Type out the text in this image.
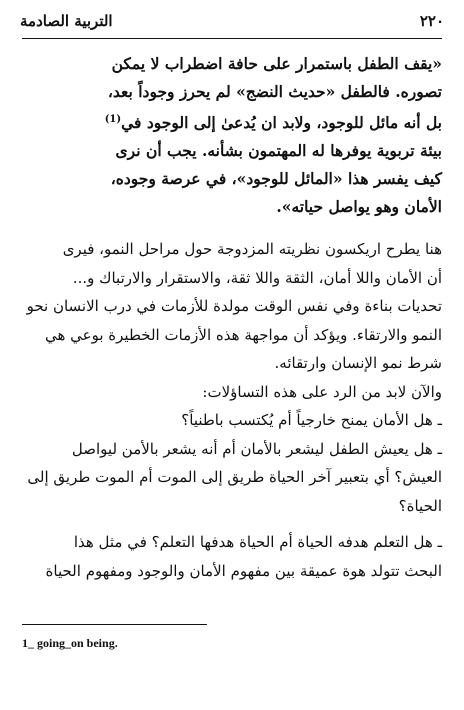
٢٢٠
التربية الصادمة

«يقف الطفل باستمرار على حافة اضطراب لا يمكن
تصوره. فالطفل «حديث النضج» لم يحرز وجوداً بعد،
بل أنه مائل للوجود، ولابد ان يُدعىٰ إلى الوجود في$^{(1)}$
بيئة تربوية يوفرها له المهتمون بشأنه. يجب أن نرى
كيف يفسر هذا «المائل للوجود»، في عرصة وجوده،
الأمان وهو يواصل حياته».

هنا يطرح اريكسون نظريته المزدوجة حول مراحل النمو، فيرى
أن الأمان واللا أمان، الثقة واللا ثقة، والاستقرار والارتباك و...
تحديات بناءة وفي نفس الوقت مولدة للأزمات في درب الانسان نحو
النمو والارتقاء. ويؤكد أن مواجهة هذه الأزمات الخطيرة بوعي هي
شرط نمو الإنسان وارتقائه.

والآن لابد من الرد على هذه التساؤلات:

ـ هل الأمان يمنح خارجياً أم يُكتسب باطنياً؟

ـ هل يعيش الطفل ليشعر بالأمان أم أنه يشعر بالأمن ليواصل
العيش؟ أي بتعبير آخر الحياة طريق إلى الموت أم الموت طريق إلى
الحياة؟

ـ هل التعلم هدفه الحياة أم الحياة هدفها التعلم؟ في مثل هذا
البحث تتولد هوة عميقة بين مفهوم الأمان والوجود ومفهوم الحياة

1_ going_on being.
